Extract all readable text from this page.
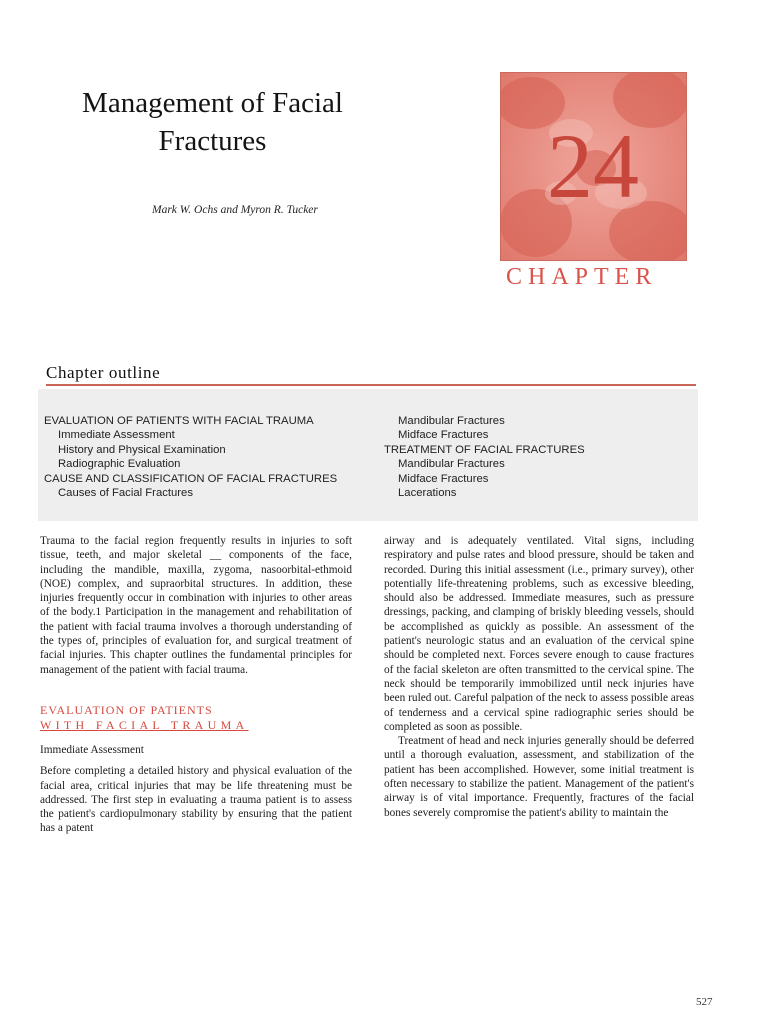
Management of Facial
Fractures
Mark W. Ochs and Myron R. Tucker 24
CHAPTER
Chapter outline
EVALUATION OF PATIENTS WITH FACIAL TRAUMA
Immediate Assessment
History and Physical Examination
Radiographic Evaluation
CAUSE AND CLASSIFICATION OF FACIAL FRACTURES
Causes of Facial Fractures
Mandibular Fractures
Midface Fractures
TREATMENT OF FACIAL FRACTURES
Mandibular Fractures
Midface Fractures
Lacerations

Trauma to the facial region frequently results in injuries to soft tissue, teeth, and major skeletal __ components of the face, including the mandible, maxilla, zygoma, nasoorbital-ethmoid (NOE) complex, and supraorbital structures. In addition, these injuries frequently occur in combination with injuries to other areas of the body.1 Participation in the management and rehabilitation of the patient with facial trauma involves a thorough understanding of the types of, principles of evaluation for, and surgical treatment of facial injuries. This chapter outlines the fundamental principles for management of the patient with facial trauma.

EVALUATION OF PATIENTS
WITH FACIAL TRAUMA
Immediate Assessment

Before completing a detailed history and physical evaluation of the facial area, critical injuries that may be life threatening must be addressed. The first step in evaluating a trauma patient is to assess the patient's cardiopulmonary stability by ensuring that the patient has a patent

airway and is adequately ventilated. Vital signs, including respiratory and pulse rates and blood pressure, should be taken and recorded. During this initial assessment (i.e., primary survey), other potentially life-threatening problems, such as excessive bleeding, should also be addressed. Immediate measures, such as pressure dressings, packing, and clamping of briskly bleeding vessels, should be accomplished as quickly as possible. An assessment of the patient's neurologic status and an evaluation of the cervical spine should be completed next. Forces severe enough to cause fractures of the facial skeleton are often transmitted to the cervical spine. The neck should be temporarily immobilized until neck injuries have been ruled out. Careful palpation of the neck to assess possible areas of tenderness and a cervical spine radiographic series should be completed as soon as possible.

Treatment of head and neck injuries generally should be deferred until a thorough evaluation, assessment, and stabilization of the patient has been accomplished. However, some initial treatment is often necessary to stabilize the patient. Management of the patient's airway is of vital importance. Frequently, fractures of the facial bones severely compromise the patient's ability to maintain the

527
